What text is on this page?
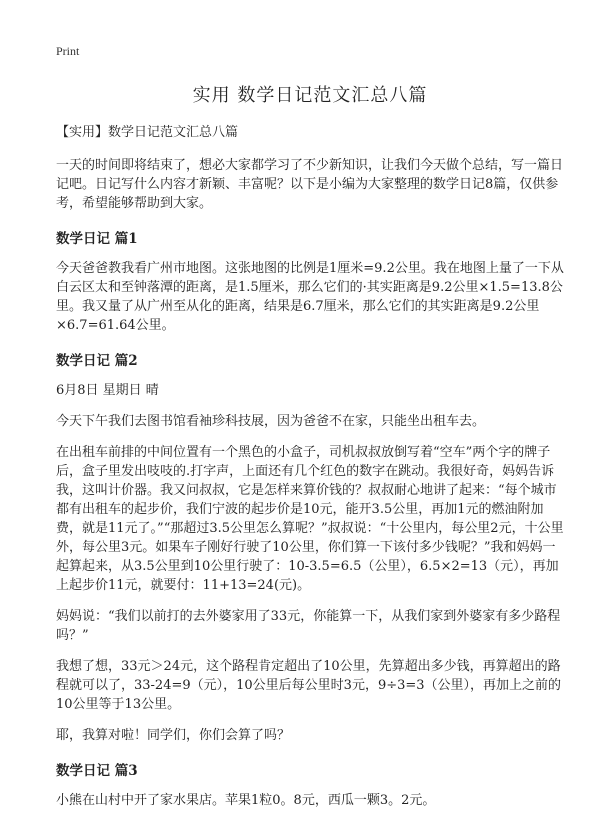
Print
实用 数学日记范文汇总八篇
【实用】数学日记范文汇总八篇

一天的时间即将结束了，想必大家都学习了不少新知识，让我们今天做个总结，写一篇日记吧。日记写什么内容才新颖、丰富呢？以下是小编为大家整理的数学日记8篇，仅供参考，希望能够帮助到大家。

数学日记 篇1

今天爸爸教我看广州市地图。这张地图的比例是1厘米=9.2公里。我在地图上量了一下从白云区太和至钟落潭的距离，是1.5厘米，那么它们的·其实距离是9.2公里×1.5=13.8公里。我又量了从广州至从化的距离，结果是6.7厘米，那么它们的其实距离是9.2公里×6.7=61.64公里。

数学日记 篇2

6月8日 星期日 晴

今天下午我们去图书馆看袖珍科技展，因为爸爸不在家，只能坐出租车去。

在出租车前排的中间位置有一个黑色的小盒子，司机叔叔放倒写着“空车”两个字的牌子后，盒子里发出吱吱的.打字声，上面还有几个红色的数字在跳动。我很好奇，妈妈告诉我，这叫计价器。我又问叔叔，它是怎样来算价钱的？叔叔耐心地讲了起来：“每个城市都有出租车的起步价，我们宁波的起步价是10元，能开3.5公里，再加1元的燃油附加费，就是11元了。”“那超过3.5公里怎么算呢？”叔叔说：“十公里内，每公里2元，十公里外，每公里3元。如果车子刚好行驶了10公里，你们算一下该付多少钱呢？”我和妈妈一起算起来，从3.5公里到10公里行驶了：10-3.5=6.5（公里），6.5×2=13（元），再加上起步价11元，就要付：11+13=24(元)。

妈妈说：“我们以前打的去外婆家用了33元，你能算一下，从我们家到外婆家有多少路程吗？”

我想了想，33元＞24元，这个路程肯定超出了10公里，先算超出多少钱，再算超出的路程就可以了，33-24=9（元），10公里后每公里时3元，9÷3=3（公里），再加上之前的10公里等于13公里。

耶，我算对啦！同学们，你们会算了吗？

数学日记 篇3

小熊在山村中开了家水果店。苹果1粒0。8元，西瓜一颗3。2元。
